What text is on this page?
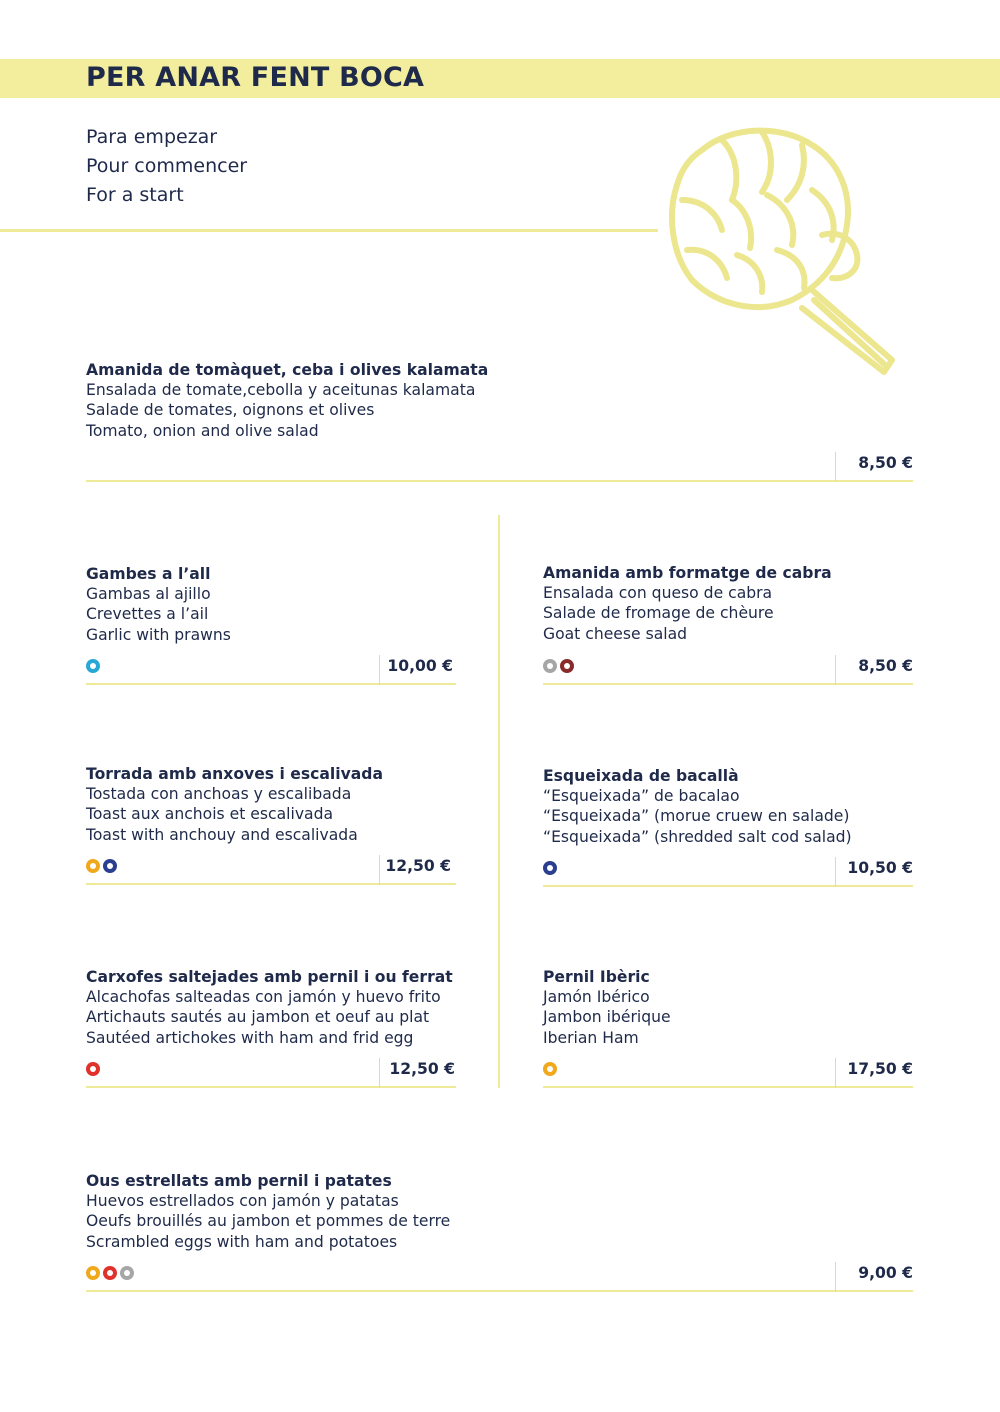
PER ANAR FENT BOCA
Para empezar
Pour commencer
For a start
Amanida de tomàquet, ceba i olives kalamata
Ensalada de tomate,cebolla y aceitunas kalamata
Salade de tomates, oignons et olives
Tomato, onion and olive salad
8,50 €
Gambes a l’all
Gambas al ajillo
Crevettes a l’ail
Garlic with prawns
10,00 €
Amanida amb formatge de cabra
Ensalada con queso de cabra
Salade de fromage de chèure
Goat cheese salad
8,50 €
Torrada amb anxoves i escalivada
Tostada con anchoas y escalibada
Toast aux anchois et escalivada
Toast with anchouy and escalivada
12,50 €
Esqueixada de bacallà
“Esqueixada” de bacalao
“Esqueixada” (morue cruew en salade)
“Esqueixada” (shredded salt cod salad)
10,50 €
Carxofes saltejades amb pernil i ou ferrat
Alcachofas salteadas con jamón y huevo frito
Artichauts sautés au jambon et oeuf au plat
Sautéed artichokes with ham and frid egg
12,50 €
Pernil Ibèric
Jamón Ibérico
Jambon ibérique
Iberian Ham
17,50 €
Ous estrellats amb pernil i patates
Huevos estrellados con jamón y patatas
Oeufs brouillés au jambon et pommes de terre
Scrambled eggs with ham and potatoes
9,00 €
